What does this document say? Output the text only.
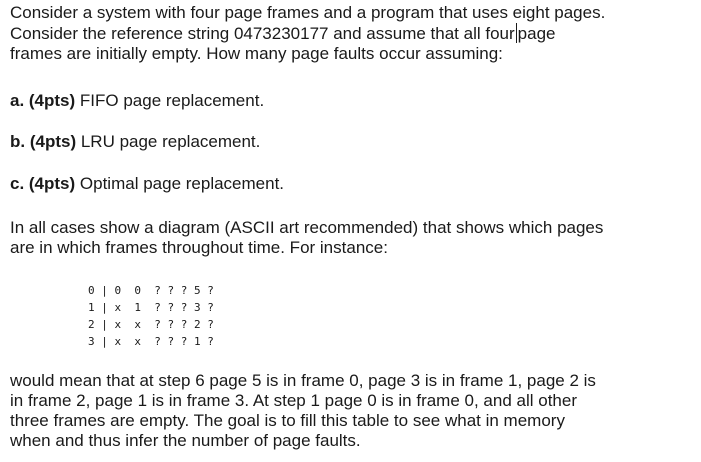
Consider a system with four page frames and a program that uses eight pages.
Consider the reference string 0473230177 and assume that all four page
frames are initially empty. How many page faults occur assuming:
a. (4pts) FIFO page replacement.
b. (4pts) LRU page replacement.
c. (4pts) Optimal page replacement.
In all cases show a diagram (ASCII art recommended) that shows which pages
are in which frames throughout time. For instance:
0 | 0  0  ? ? ? 5 ?
1 | x  1  ? ? ? 3 ?
2 | x  x  ? ? ? 2 ?
3 | x  x  ? ? ? 1 ?
would mean that at step 6 page 5 is in frame 0, page 3 is in frame 1, page 2 is
in frame 2, page 1 is in frame 3. At step 1 page 0 is in frame 0, and all other
three frames are empty. The goal is to fill this table to see what in memory
when and thus infer the number of page faults.
